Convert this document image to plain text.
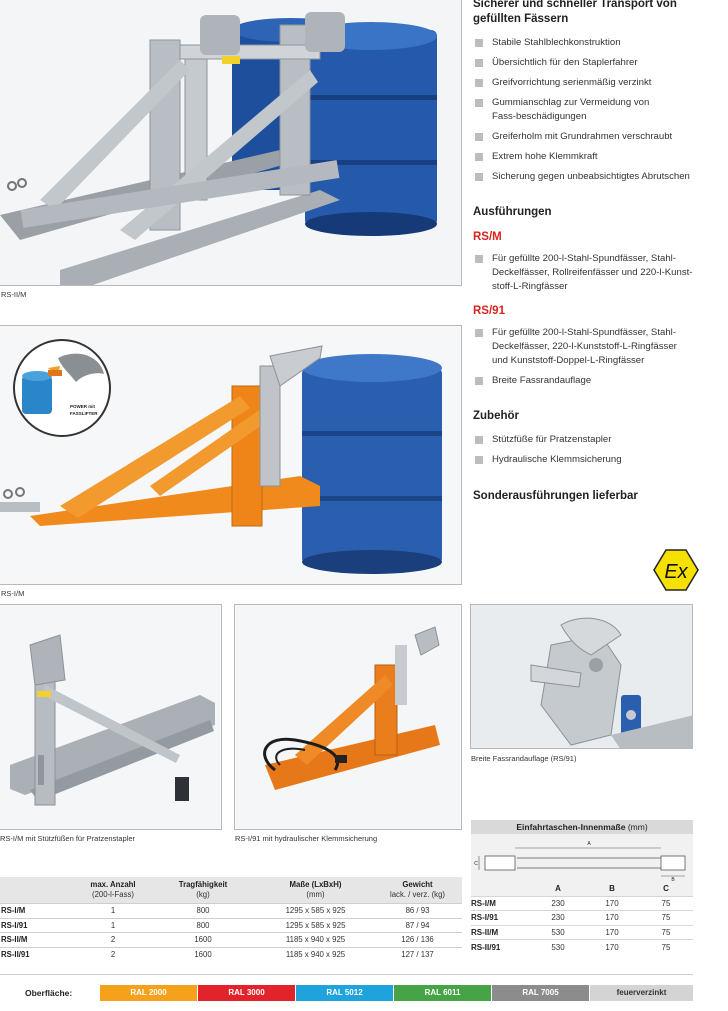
RS-II/M
POWER mit
FASSLIFTER
RS-I/M
RS-I/M mit Stützfüßen für Pratzenstapler	RS-I/91 mit hydraulischer Klemmsicherung
Breite Fassrandauflage (RS/91)
Sicherer und schneller Transport von gefüllten Fässern
Stabile Stahlblechkonstruktion
Übersichtlich für den Staplerfahrer
Greifvorrichtung serienmäßig verzinkt
Gummianschlag zur Vermeidung von Fass-beschädigungen
Greiferholm mit Grundrahmen verschraubt
Extrem hohe Klemmkraft
Sicherung gegen unbeabsichtigtes Abrutschen
Ausführungen
RS/M
Für gefüllte 200-l-Stahl-Spundfässer, Stahl-Deckelfässer, Rollreifenfässer und 220-l-Kunst-stoff-L-Ringfässer
RS/91
Für gefüllte 200-l-Stahl-Spundfässer, Stahl-Deckelfässer, 220-l-Kunststoff-L-Ringfässer und Kunststoff-Doppel-L-Ringfässer
Breite Fassrandauflage
Zubehör
Stützfüße für Pratzenstapler
Hydraulische Klemmsicherung
Sonderausführungen lieferbar
Ex
	max. Anzahl	Tragfähigkeit	Maße (LxBxH)	Gewicht
	(200-l-Fass)	(kg)	(mm)	lack. / verz. (kg)
RS-I/M	1	800	1295 x 585 x 925	86 / 93
RS-I/91	1	800	1295 x 585 x 925	87 / 94
RS-II/M	2	1600	1185 x 940 x 925	126 / 136
RS-II/91	2	1600	1185 x 940 x 925	127 / 137
Einfahrtaschen-Innenmaße (mm)
A
B
C
	A	B	C
RS-I/M	230	170	75
RS-I/91	230	170	75
RS-II/M	530	170	75
RS-II/91	530	170	75
Oberfläche:	RAL 2000	RAL 3000	RAL 5012	RAL 6011	RAL 7005	feuerverzinkt
